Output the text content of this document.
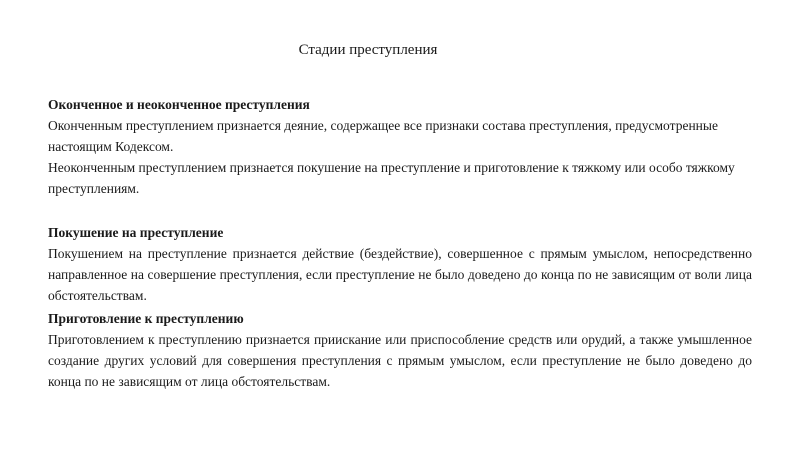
Стадии преступления
Оконченное и неоконченное преступления
Оконченным преступлением признается деяние, содержащее все признаки состава преступления, предусмотренные настоящим Кодексом.
Неоконченным преступлением признается покушение на преступление и приготовление к тяжкому или особо тяжкому преступлениям.
Покушение на преступление
Покушением на преступление признается действие (бездействие), совершенное с прямым умыслом, непосредственно направленное на совершение преступления, если преступление не было доведено до конца по не зависящим от воли лица обстоятельствам.
Приготовление к преступлению
Приготовлением к преступлению признается приискание или приспособление средств или орудий, а также умышленное создание других условий для совершения преступления с прямым умыслом, если преступление не было доведено до конца по не зависящим от лица обстоятельствам.
